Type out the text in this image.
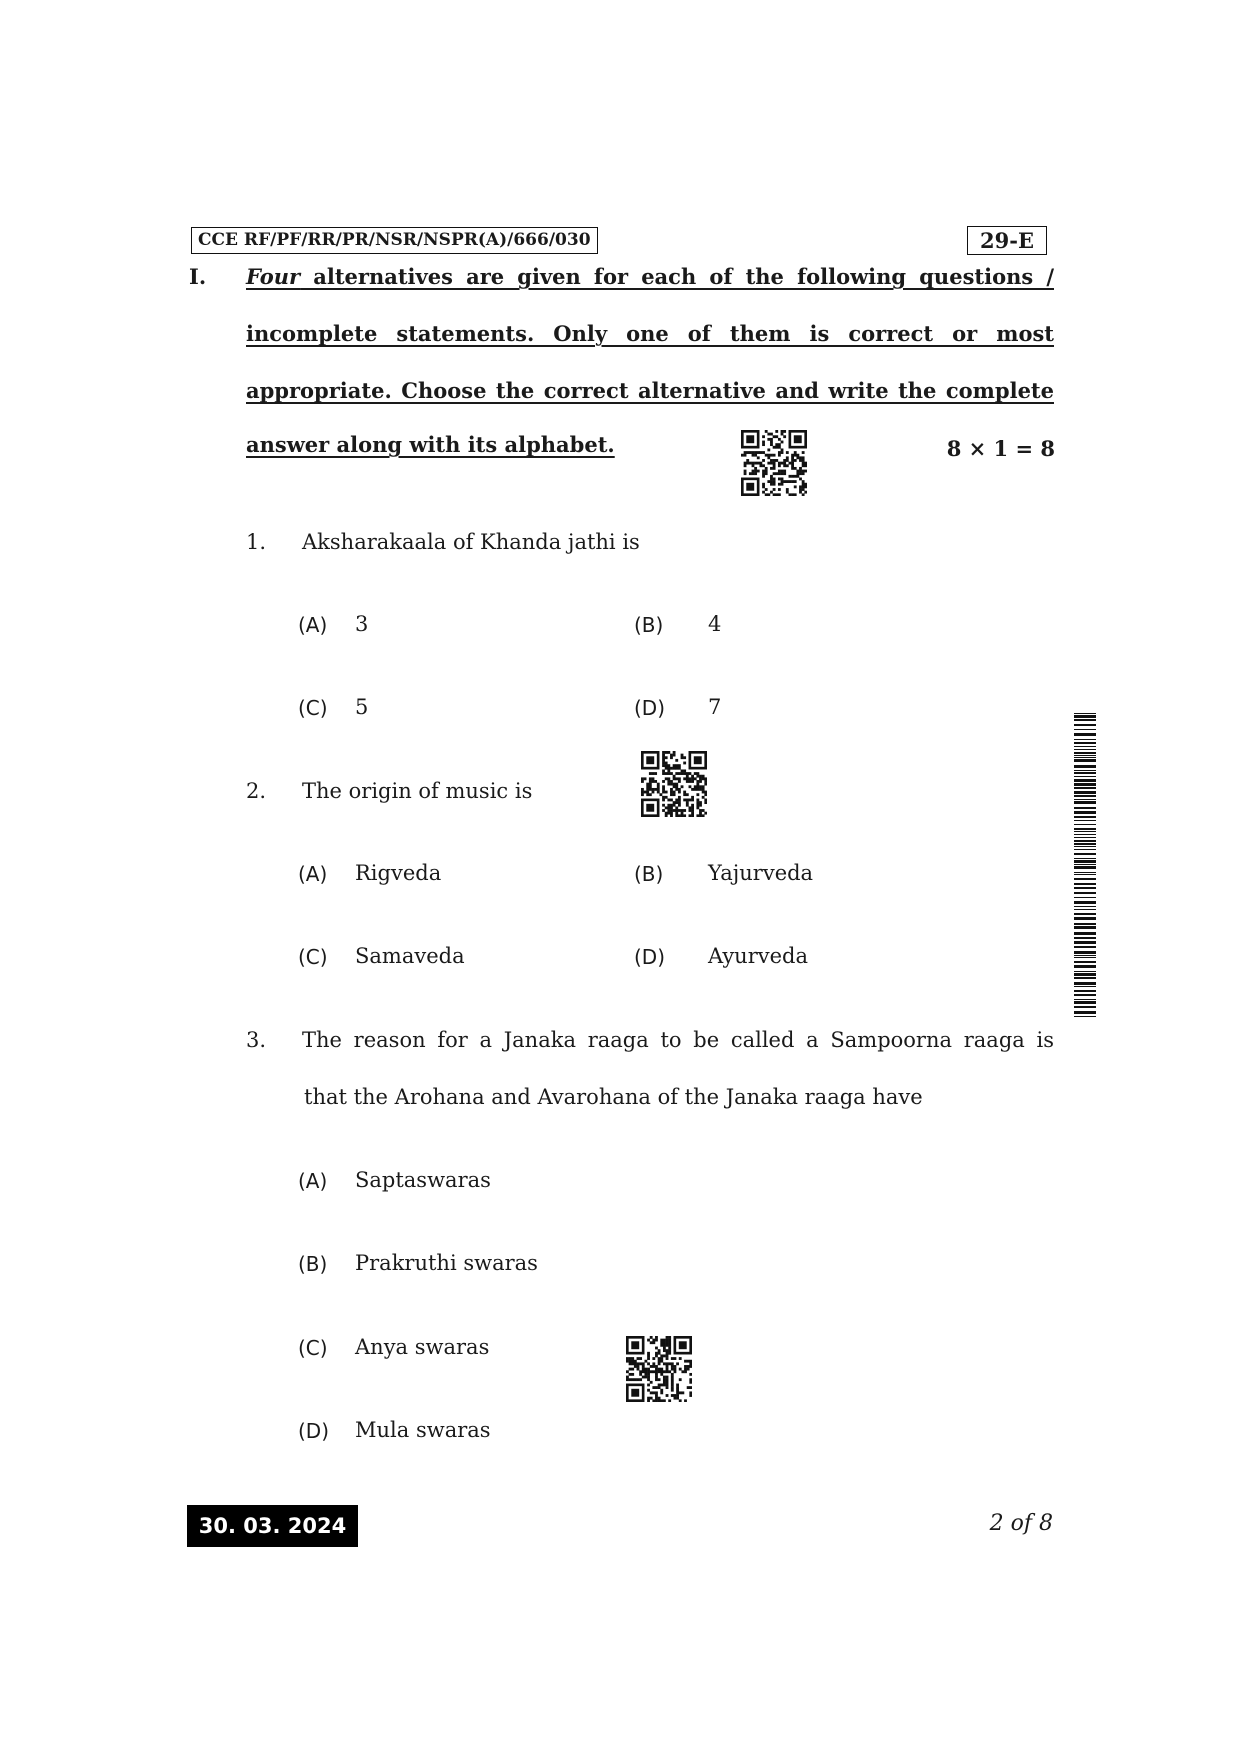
CCE RF/PF/RR/PR/NSR/NSPR(A)/666/030	29-E
I. Four alternatives are given for each of the following questions /
incomplete statements. Only one of them is correct or most
appropriate. Choose the correct alternative and write the complete
answer along with its alphabet.	8 × 1 = 8
1. Aksharakaala of Khanda jathi is
(A) 3	(B) 4
(C) 5	(D) 7
2. The origin of music is
(A) Rigveda	(B) Yajurveda
(C) Samaveda	(D) Ayurveda
3. The reason for a Janaka raaga to be called a Sampoorna raaga is
that the Arohana and Avarohana of the Janaka raaga have
(A) Saptaswaras
(B) Prakruthi swaras
(C) Anya swaras
(D) Mula swaras
30. 03. 2024	2 of 8
